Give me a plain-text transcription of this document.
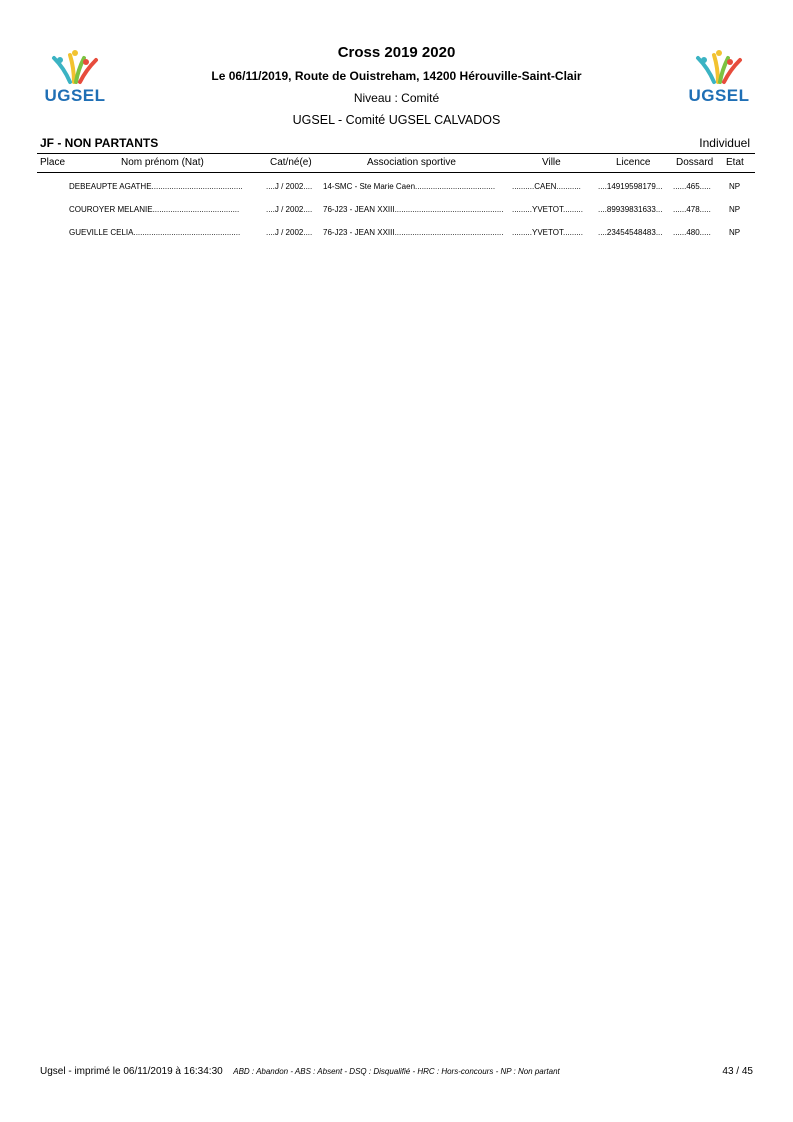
UGSEL	UGSEL
Cross 2019 2020
Le 06/11/2019, Route de Ouistreham, 14200 Hérouville-Saint-Clair
Niveau : Comité
UGSEL - Comité UGSEL CALVADOS
JF - NON PARTANTS	Individuel
Place	Nom prénom (Nat)	Cat/né(e)	Association sportive	Ville	Licence	Dossard Etat
DEBEAUPTE AGATHE.........................................	....J / 2002....	14-SMC - Ste Marie Caen....................................	..........CAEN...........	....14919598179...	......465.....	NP
COUROYER MELANIE.......................................	....J / 2002....	76-J23 - JEAN XXIII.................................................	.........YVETOT.........	....89939831633...	......478.....	NP
GUEVILLE CELIA................................................	....J / 2002....	76-J23 - JEAN XXIII.................................................	.........YVETOT.........	....23454548483...	......480.....	NP
Ugsel - imprimé le 06/11/2019 à 16:34:30	ABD : Abandon - ABS : Absent - DSQ : Disqualifié - HRC : Hors-concours - NP : Non partant	43 / 45
